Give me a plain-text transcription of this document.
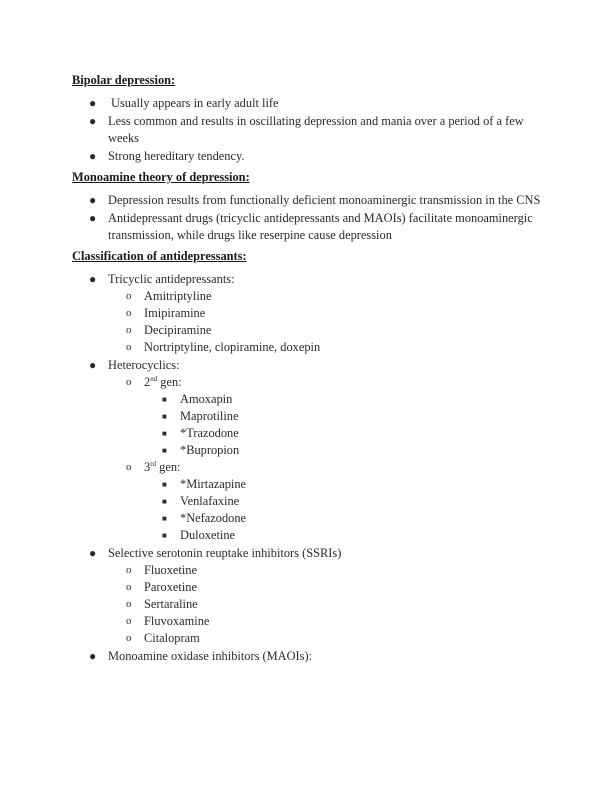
Bipolar depression:

● Usually appears in early adult life
● Less common and results in oscillating depression and mania over a period of a few weeks
● Strong hereditary tendency.

Monoamine theory of depression:

● Depression results from functionally deficient monoaminergic transmission in the CNS
● Antidepressant drugs (tricyclic antidepressants and MAOIs) facilitate monoaminergic transmission, while drugs like reserpine cause depression

Classification of antidepressants:

● Tricyclic antidepressants:
o Amitriptyline
o Imipiramine
o Decipiramine
o Nortriptyline, clopiramine, doxepin
● Heterocyclics:
o 2nd gen:
■ Amoxapin
■ Maprotiline
■ *Trazodone
■ *Bupropion
o 3rd gen:
■ *Mirtazapine
■ Venlafaxine
■ *Nefazodone
■ Duloxetine
● Selective serotonin reuptake inhibitors (SSRIs)
o Fluoxetine
o Paroxetine
o Sertaraline
o Fluvoxamine
o Citalopram
● Monoamine oxidase inhibitors (MAOIs):
